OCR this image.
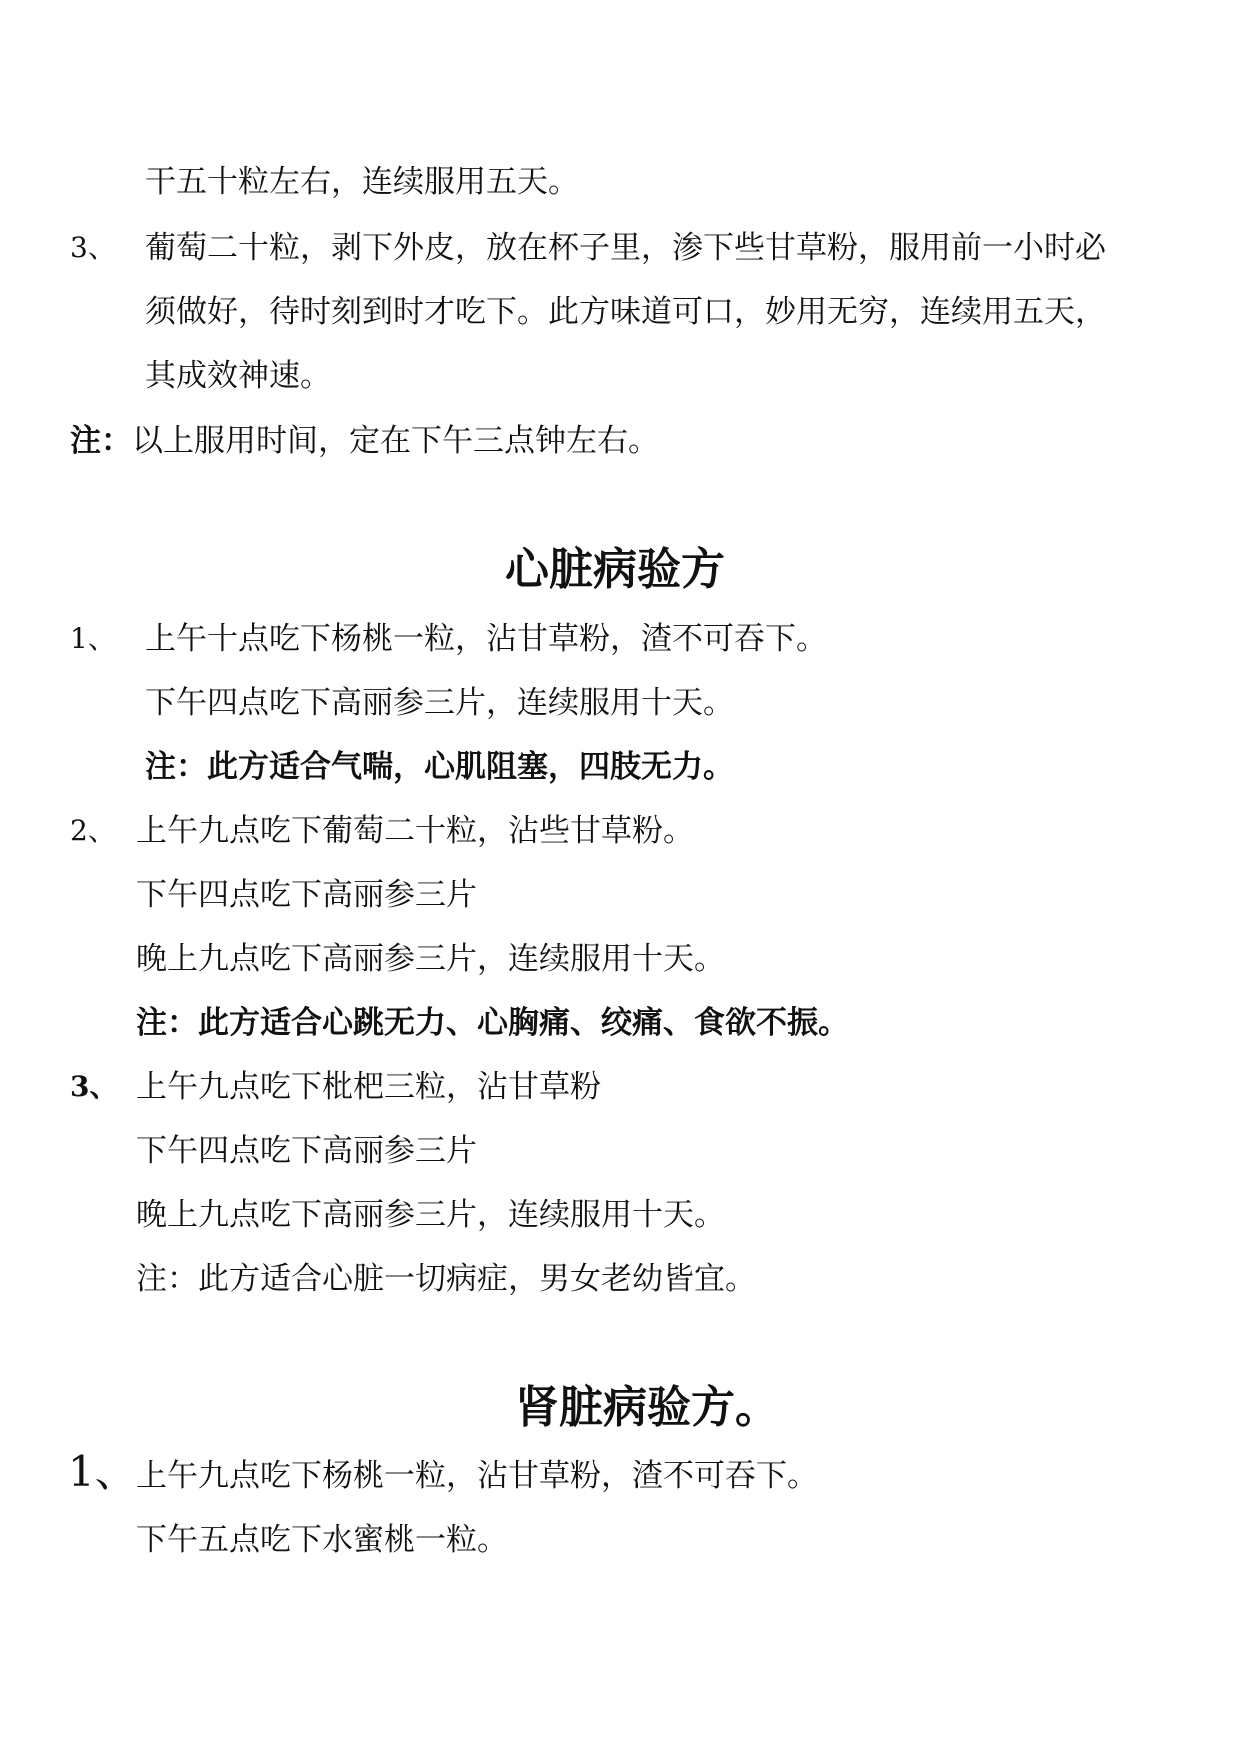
干五十粒左右，连续服用五天。
3、 葡萄二十粒，剥下外皮，放在杯子里，渗下些甘草粉，服用前一小时必
须做好，待时刻到时才吃下。此方味道可口，妙用无穷，连续用五天，
其成效神速。
注：以上服用时间，定在下午三点钟左右。
心脏病验方
1、 上午十点吃下杨桃一粒，沾甘草粉，渣不可吞下。
下午四点吃下高丽参三片，连续服用十天。
注：此方适合气喘，心肌阻塞，四肢无力。
2、 上午九点吃下葡萄二十粒，沾些甘草粉。
下午四点吃下高丽参三片
晚上九点吃下高丽参三片，连续服用十天。
注：此方适合心跳无力、心胸痛、绞痛、食欲不振。
3、 上午九点吃下枇杷三粒，沾甘草粉
下午四点吃下高丽参三片
晚上九点吃下高丽参三片，连续服用十天。
注：此方适合心脏一切病症，男女老幼皆宜。
肾脏病验方。
1、 上午九点吃下杨桃一粒，沾甘草粉，渣不可吞下。
下午五点吃下水蜜桃一粒。
